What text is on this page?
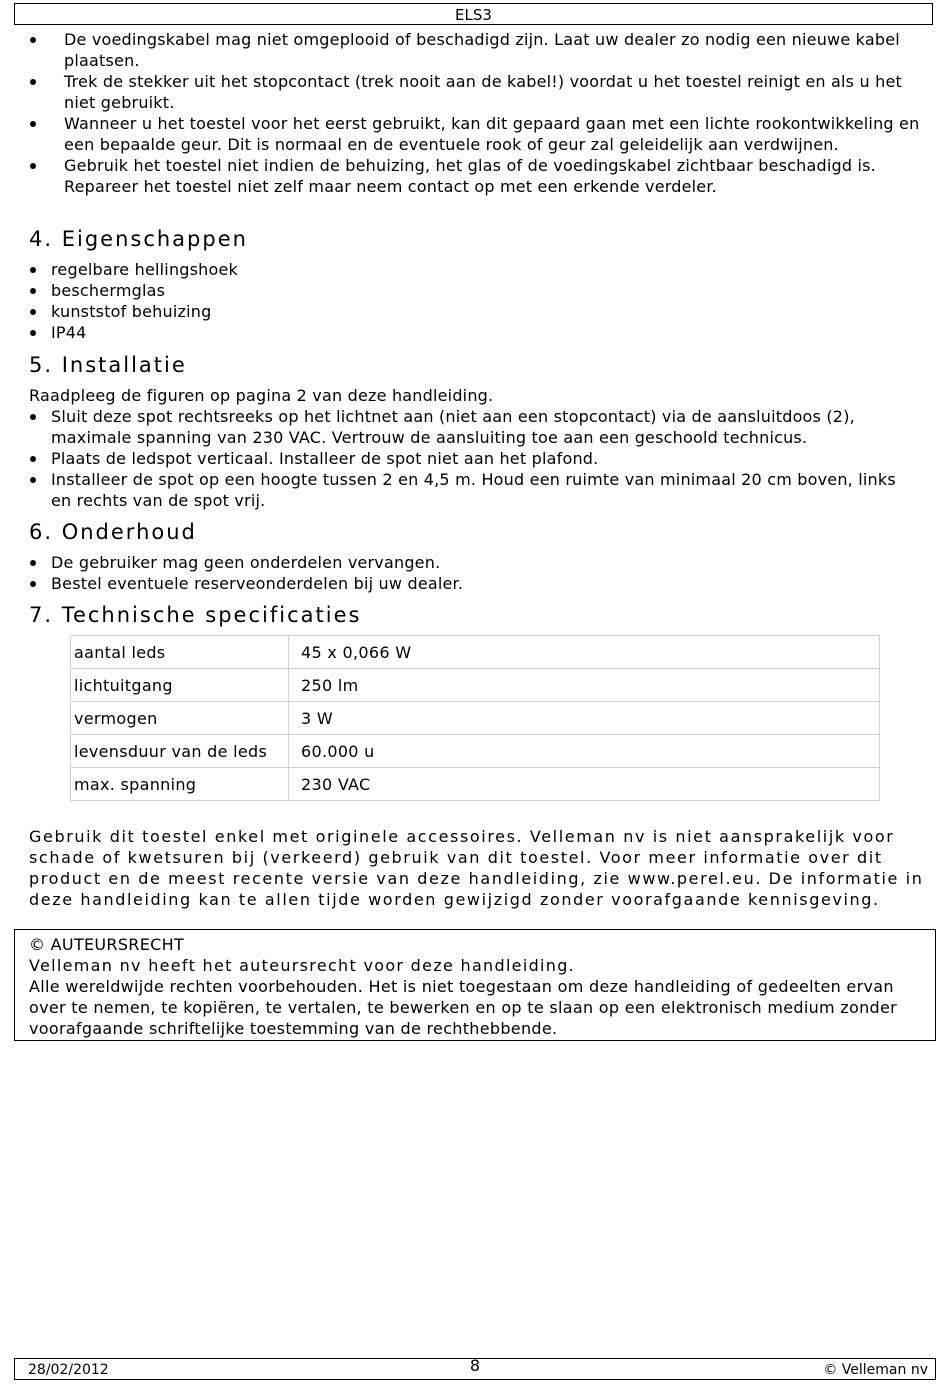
ELS3
De voedingskabel mag niet omgeplooid of beschadigd zijn. Laat uw dealer zo nodig een nieuwe kabel plaatsen.
Trek de stekker uit het stopcontact (trek nooit aan de kabel!) voordat u het toestel reinigt en als u het niet gebruikt.
Wanneer u het toestel voor het eerst gebruikt, kan dit gepaard gaan met een lichte rookontwikkeling en een bepaalde geur. Dit is normaal en de eventuele rook of geur zal geleidelijk aan verdwijnen.
Gebruik het toestel niet indien de behuizing, het glas of de voedingskabel zichtbaar beschadigd is. Repareer het toestel niet zelf maar neem contact op met een erkende verdeler.
4. Eigenschappen
regelbare hellingshoek
beschermglas
kunststof behuizing
IP44
5. Installatie
Raadpleeg de figuren op pagina 2 van deze handleiding.
Sluit deze spot rechtsreeks op het lichtnet aan (niet aan een stopcontact) via de aansluitdoos (2), maximale spanning van 230 VAC. Vertrouw de aansluiting toe aan een geschoold technicus.
Plaats de ledspot verticaal. Installeer de spot niet aan het plafond.
Installeer de spot op een hoogte tussen 2 en 4,5 m. Houd een ruimte van minimaal 20 cm boven, links en rechts van de spot vrij.
6. Onderhoud
De gebruiker mag geen onderdelen vervangen.
Bestel eventuele reserveonderdelen bij uw dealer.
7. Technische specificaties
aantal leds	45 x 0,066 W
lichtuitgang	250 lm
vermogen	3 W
levensduur van de leds	60.000 u
max. spanning	230 VAC
Gebruik dit toestel enkel met originele accessoires. Velleman nv is niet aansprakelijk voor schade of kwetsuren bij (verkeerd) gebruik van dit toestel. Voor meer informatie over dit product en de meest recente versie van deze handleiding, zie www.perel.eu. De informatie in deze handleiding kan te allen tijde worden gewijzigd zonder voorafgaande kennisgeving.
© AUTEURSRECHT
Velleman nv heeft het auteursrecht voor deze handleiding.
Alle wereldwijde rechten voorbehouden. Het is niet toegestaan om deze handleiding of gedeelten ervan over te nemen, te kopiëren, te vertalen, te bewerken en op te slaan op een elektronisch medium zonder voorafgaande schriftelijke toestemming van de rechthebbende.
28/02/2012	8	© Velleman nv
